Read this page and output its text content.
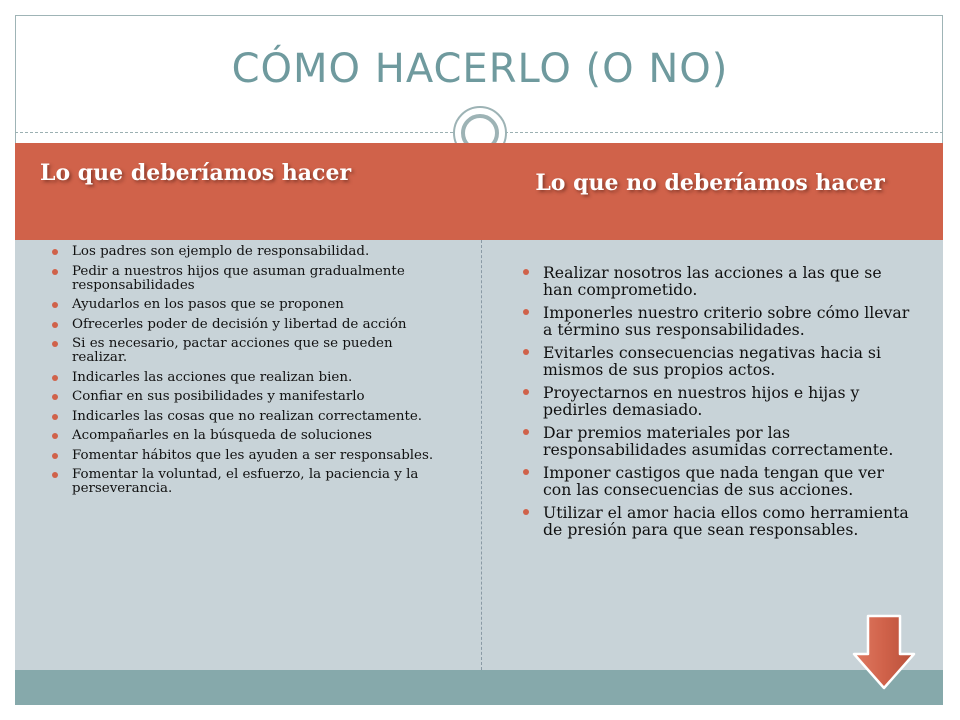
CÓMO HACERLO (O NO)
Lo que deberíamos hacer	Lo que no deberíamos hacer
Los padres son ejemplo de responsabilidad.
Pedir a nuestros hijos que asuman gradualmente responsabilidades
Ayudarlos en los pasos que se proponen
Ofrecerles poder de decisión y libertad de acción
Si es necesario, pactar acciones que se pueden realizar.
Indicarles las acciones que realizan bien.
Confiar en sus posibilidades y manifestarlo
Indicarles las cosas que no realizan correctamente.
Acompañarles en la búsqueda de soluciones
Fomentar hábitos que les ayuden a ser responsables.
Fomentar la voluntad, el esfuerzo, la paciencia y la perseverancia.
Realizar nosotros las acciones a las que se han comprometido.
Imponerles nuestro criterio sobre cómo llevar a término sus responsabilidades.
Evitarles consecuencias negativas hacia si mismos de sus propios actos.
Proyectarnos en nuestros hijos e hijas y pedirles demasiado.
Dar premios materiales por las responsabilidades asumidas correctamente.
Imponer castigos que nada tengan que ver con las consecuencias de sus acciones.
Utilizar el amor hacia ellos como herramienta de presión para que sean responsables.
